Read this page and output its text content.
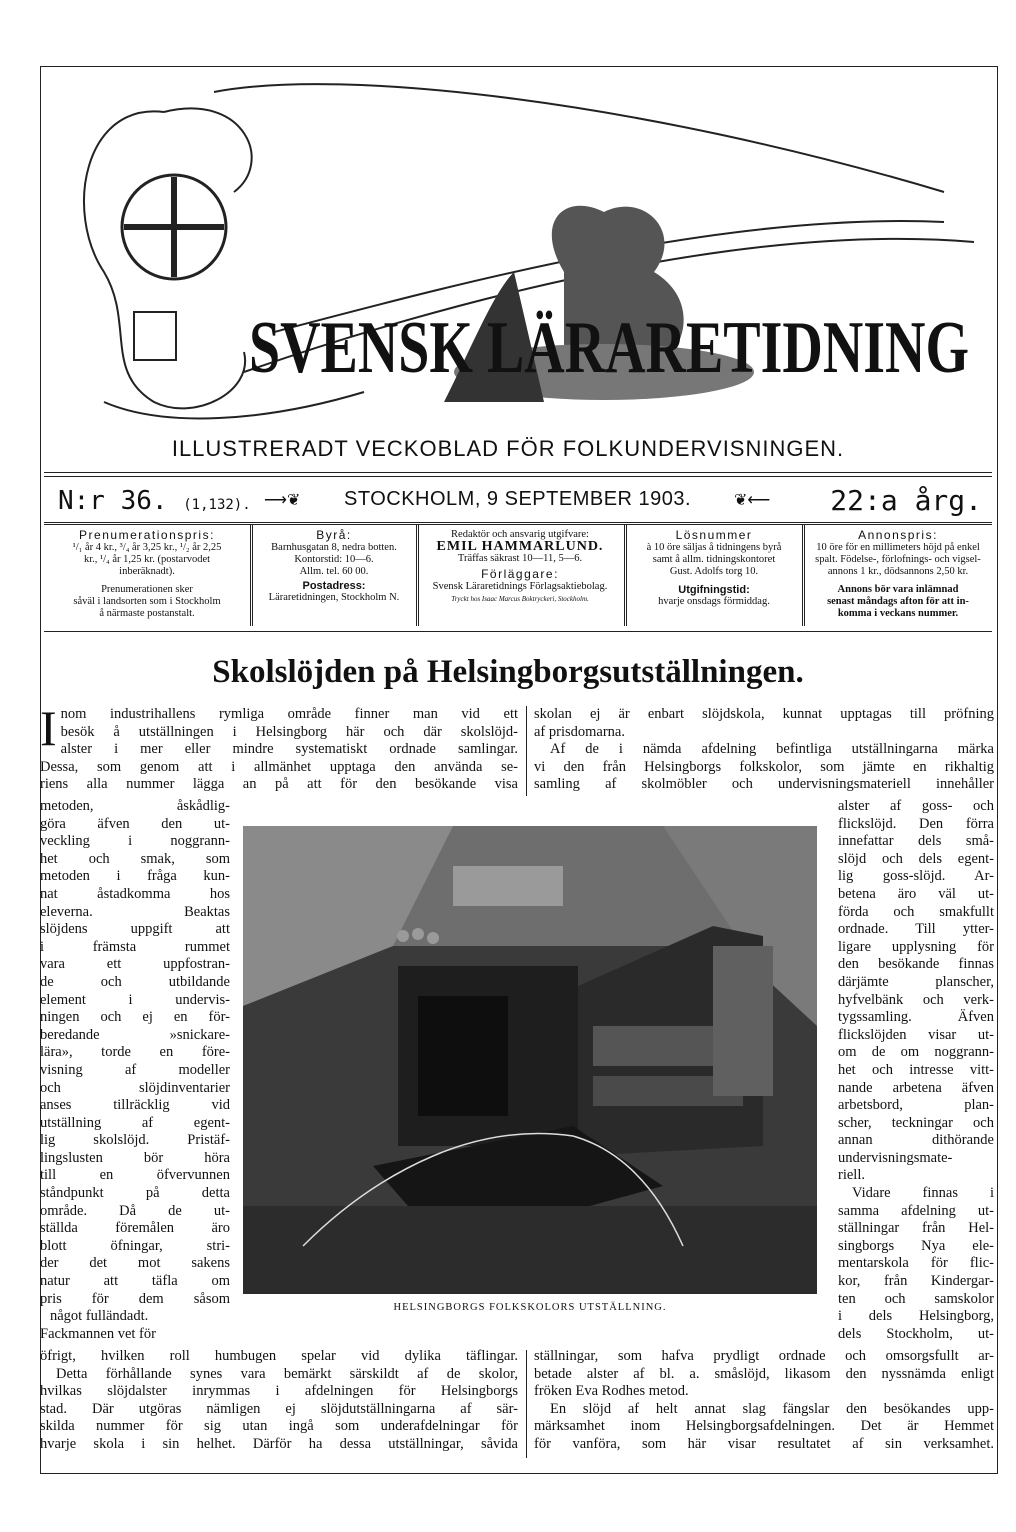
SVENSK LÄRARETIDNING
ILLUSTRERADT VECKOBLAD FÖR FOLKUNDERVISNINGEN.
N:r 36. (1,132). ⟶❦ STOCKHOLM, 9 SEPTEMBER 1903.	❦⟵ 22:a årg.
Prenumerationspris:
¹/₁ år 4 kr., ³/₄ år 3,25 kr., ¹/₂ år 2,25
kr., ¹/₄ år 1,25 kr. (postarvodet
inberäknadt).
Prenumerationen sker
såväl i landsorten som i Stockholm
å närmaste postanstalt.
Byrå:
Barnhusgatan 8, nedra botten.
Kontorstid: 10—6.
Allm. tel. 60 00.
Postadress:
Läraretidningen, Stockholm N.
Redaktör och ansvarig utgifvare:
EMIL HAMMARLUND.
Träffas säkrast 10—11, 5—6.
Förläggare:
Svensk Läraretidnings Förlagsaktiebolag.
Tryckt hos Isaac Marcus Boktryckeri, Stockholm.
Lösnummer
à 10 öre säljas å tidningens byrå
samt å allm. tidningskontoret
Gust. Adolfs torg 10.
Utgifningstid:
hvarje onsdags förmiddag.
Annonspris:
10 öre för en millimeters höjd på enkel
spalt. Födelse-, förlofnings- och vigsel-
annons 1 kr., dödsannons 2,50 kr.
Annons bör vara inlämnad
senast måndags afton för att in-
komma i veckans nummer.
Skolslöjden på Helsingborgsutställningen.
I nom industrihallens rymliga område finner man vid ett
besök å utställningen i Helsingborg här och där skolslöjd-
alster i mer eller mindre systematiskt ordnade samlingar.
Dessa, som genom att i allmänhet upptaga den använda se-
riens alla nummer lägga an på att för den besökande visa
skolan ej är enbart slöjdskola, kunnat upptagas till pröfning
af prisdomarna.
Af de i nämda afdelning befintliga utställningarna märka
vi den från Helsingborgs folkskolor, som jämte en rikhaltig
samling af skolmöbler och undervisningsmateriell innehåller
metoden, åskådlig-
göra äfven den ut-
veckling i noggrann-
het och smak, som
metoden i fråga kun-
nat åstadkomma hos
eleverna. Beaktas
slöjdens uppgift att
i främsta rummet
vara ett uppfostran-
de och utbildande
element i undervis-
ningen och ej en för-
beredande »snickare-
lära», torde en före-
visning af modeller
och slöjdinventarier
anses tillräcklig vid
utställning af egent-
lig skolslöjd. Pristäf-
lingslusten bör höra
till en öfvervunnen
ståndpunkt på detta
område. Då de ut-
ställda föremålen äro
blott öfningar, stri-
der det mot sakens
natur att täfla om
pris för dem såsom
något fulländadt.
Fackmannen vet för
HELSINGBORGS FOLKSKOLORS UTSTÄLLNING.
alster af goss- och
flickslöjd. Den förra
innefattar dels små-
slöjd och dels egent-
lig goss-slöjd. Ar-
betena äro väl ut-
förda och smakfullt
ordnade. Till ytter-
ligare upplysning för
den besökande finnas
därjämte planscher,
hyfvelbänk och verk-
tygssamling. Äfven
flickslöjden visar ut-
om de om noggrann-
het och intresse vitt-
nande arbetena äfven
arbetsbord, plan-
scher, teckningar och
annan dithörande
undervisningsmate-
riell.
Vidare finnas i
samma afdelning ut-
ställningar från Hel-
singborgs Nya ele-
mentarskola för flic-
kor, från Kindergar-
ten och samskolor
i dels Helsingborg,
dels Stockholm, ut-
öfrigt, hvilken roll humbugen spelar vid dylika täflingar.
Detta förhållande synes vara bemärkt särskildt af de skolor,
hvilkas slöjdalster inrymmas i afdelningen för Helsingborgs
stad. Där utgöras nämligen ej slöjdutställningarna af sär-
skilda nummer för sig utan ingå som underafdelningar för
hvarje skola i sin helhet. Därför ha dessa utställningar, såvida
ställningar, som hafva prydligt ordnade och omsorgsfullt ar-
betade alster af bl. a. småslöjd, likasom den nyssnämda enligt
fröken Eva Rodhes metod.
En slöjd af helt annat slag fängslar den besökandes upp-
märksamhet inom Helsingborgsafdelningen. Det är Hemmet
för vanföra, som här visar resultatet af sin verksamhet.
